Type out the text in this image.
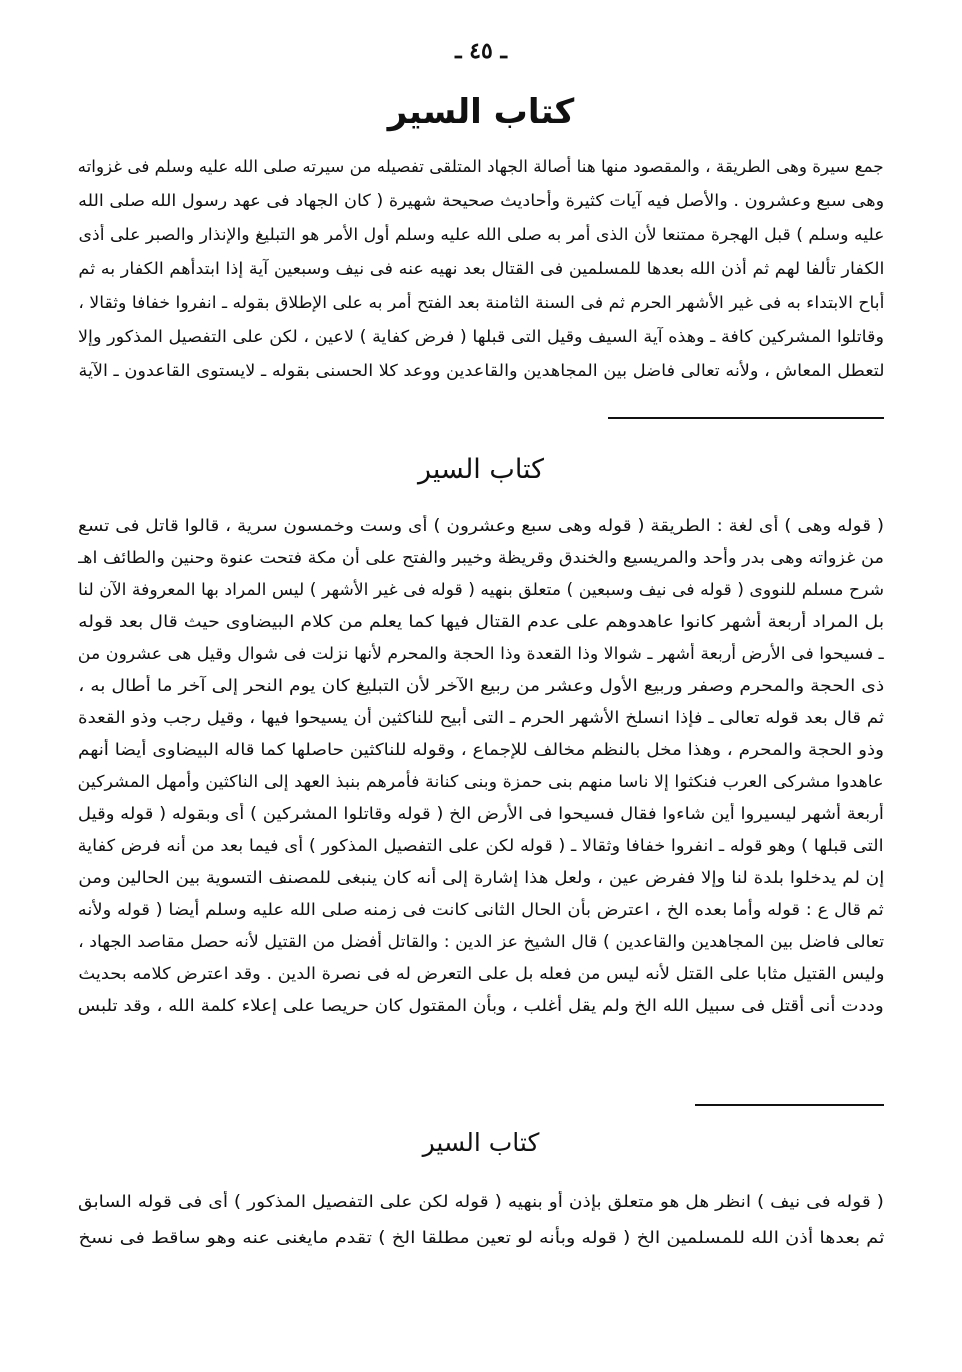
ـ ٤٥ ـ
كتاب السير
جمع سيرة وهى الطريقة ، والمقصود منها هنا أصالة الجهاد المتلقى تفصيله من سيرته صلى الله عليه وسلم فى غزواته
وهى سبع وعشرون . والأصل فيه آيات كثيرة وأحاديث صحيحة شهيرة ( كان الجهاد فى عهد رسول الله صلى الله
عليه وسلم ) قبل الهجرة ممتنعا لأن الذى أمر به صلى الله عليه وسلم أول الأمر هو التبليغ والإنذار والصبر على أذى
الكفار تألفا لهم ثم أذن الله بعدها للمسلمين فى القتال بعد نهيه عنه فى نيف وسبعين آية إذا ابتدأهم الكفار به ثم
أباح الابتداء به فى غير الأشهر الحرم ثم فى السنة الثامنة بعد الفتح أمر به على الإطلاق بقوله ـ انفروا خفافا وثقالا ،
وقاتلوا المشركين كافة ـ وهذه آية السيف وقيل التى قبلها ( فرض كفاية ) لاعين ، لكن على التفصيل المذكور وإلا
لتعطل المعاش ، ولأنه تعالى فاضل بين المجاهدين والقاعدين ووعد كلا الحسنى بقوله ـ لايستوى القاعدون ـ الآية
كتاب السير
( قوله وهى ) أى لغة : الطريقة ( قوله وهى سبع وعشرون ) أى وست وخمسون سرية ، قالوا قاتل فى تسع
من غزواته وهى بدر وأحد والمريسيع والخندق وقريظة وخيبر والفتح على أن مكة فتحت عنوة وحنين والطائف اهـ
شرح مسلم للنووى ( قوله فى نيف وسبعين ) متعلق بنهيه ( قوله فى غير الأشهر ) ليس المراد بها المعروفة الآن لنا
بل المراد أربعة أشهر كانوا عاهدوهم على عدم القتال فيها كما يعلم من كلام البيضاوى حيث قال بعد قوله
ـ فسيحوا فى الأرض أربعة أشهر ـ شوالا وذا القعدة وذا الحجة والمحرم لأنها نزلت فى شوال وقيل هى عشرون من
ذى الحجة والمحرم وصفر وربيع الأول وعشر من ربيع الآخر لأن التبليغ كان يوم النحر إلى آخر ما أطال به ،
ثم قال بعد قوله تعالى ـ فإذا انسلخ الأشهر الحرم ـ التى أبيح للناكثين أن يسيحوا فيها ، وقيل رجب وذو القعدة
وذو الحجة والمحرم ، وهذا مخل بالنظم مخالف للإجماع ، وقوله للناكثين حاصلها كما قاله البيضاوى أيضا أنهم
عاهدوا مشركى العرب فنكثوا إلا ناسا منهم بنى حمزة وبنى كنانة فأمرهم بنبذ العهد إلى الناكثين وأمهل المشركين
أربعة أشهر ليسيروا أين شاءوا فقال فسيحوا فى الأرض الخ ( قوله وقاتلوا المشركين ) أى وبقوله ( قوله وقيل
التى قبلها ) وهو قوله ـ انفروا خفافا وثقالا ـ ( قوله لكن على التفصيل المذكور ) أى فيما بعد من أنه فرض كفاية
إن لم يدخلوا بلدة لنا وإلا ففرض عين ، ولعل هذا إشارة إلى أنه كان ينبغى للمصنف التسوية بين الحالين ومن
ثم قال ع : قوله وأما بعده الخ ، اعترض بأن الحال الثانى كانت فى زمنه صلى الله عليه وسلم أيضا ( قوله ولأنه
تعالى فاضل بين المجاهدين والقاعدين ) قال الشيخ عز الدين : والقاتل أفضل من القتيل لأنه حصل مقاصد الجهاد ،
وليس القتيل مثابا على القتل لأنه ليس من فعله بل على التعرض له فى نصرة الدين . وقد اعترض كلامه بحديث
وددت أنى أقتل فى سبيل الله الخ ولم يقل أغلب ، وبأن المقتول كان حريصا على إعلاء كلمة الله ، وقد تلبس
كتاب السير
( قوله فى نيف ) انظر هل هو متعلق بإذن أو بنهيه ( قوله لكن على التفصيل المذكور ) أى فى قوله السابق
ثم بعدها أذن الله للمسلمين الخ ( قوله وبأنه لو تعين مطلقا الخ ) تقدم مايغنى عنه وهو ساقط فى نسخ
